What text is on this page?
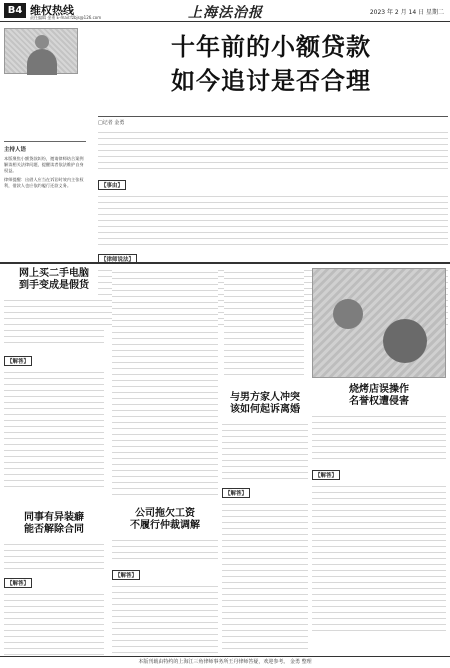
B4 维权热线
责任编辑 金勇 E-mail:fzbjs@126.com	上海法治报	2023 年 2 月 14 日 星期二

主持人语
本版聚焦小额贷款纠纷，邀请律师结合案例解读相关法律问题，提醒读者依法维护自身权益。
律师提醒：出借人应当在诉讼时效内主张权利，借款人也应依约履行还款义务。
十年前的小额贷款
如今追讨是否合理
□记者 金勇
【事由】
【律师说法】
网上买二手电脑
到手变成是假货
【解答】
同事有异装癖
能否解除合同
【解答】
公司拖欠工资
不履行仲裁调解
【解答】
与男方家人冲突
该如何起诉离婚
【解答】
烧烤店误操作
名誉权遭侵害
【解答】
本版刊载由特约的上海江三角律师事务所王丹律师答疑，欢迎参考。 金勇 整理
